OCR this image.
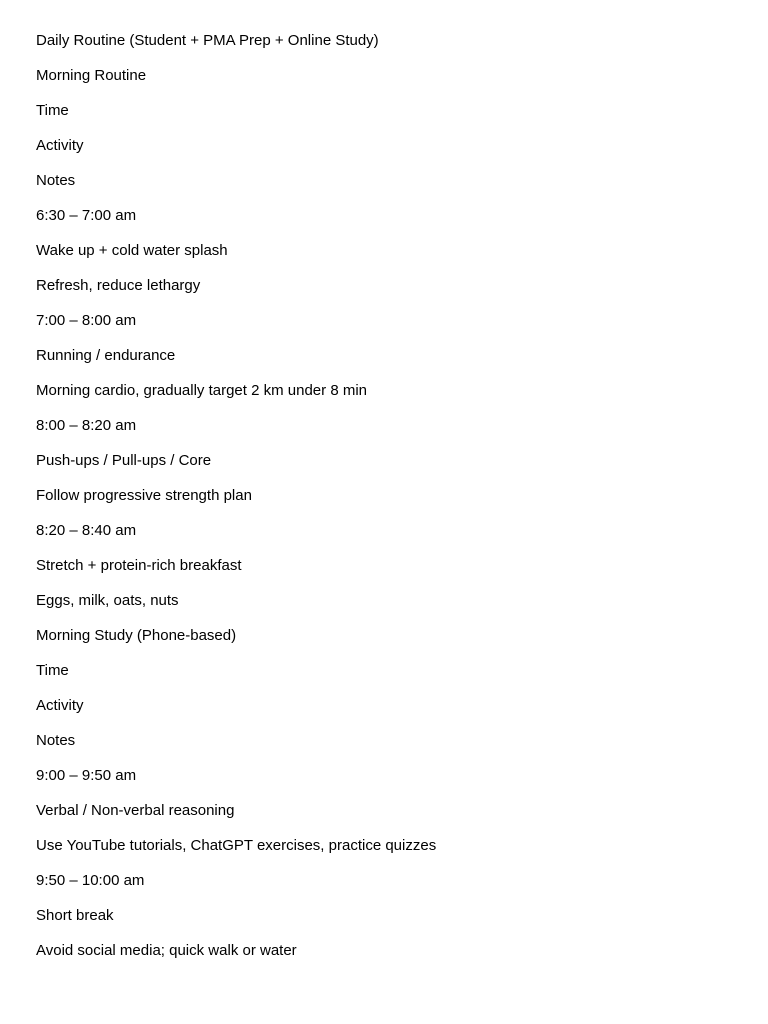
Daily Routine (Student + PMA Prep + Online Study)
Morning Routine
Time
Activity
Notes
6:30 – 7:00 am
Wake up + cold water splash
Refresh, reduce lethargy
7:00 – 8:00 am
Running / endurance
Morning cardio, gradually target 2 km under 8 min
8:00 – 8:20 am
Push-ups / Pull-ups / Core
Follow progressive strength plan
8:20 – 8:40 am
Stretch + protein-rich breakfast
Eggs, milk, oats, nuts
Morning Study (Phone-based)
Time
Activity
Notes
9:00 – 9:50 am
Verbal / Non-verbal reasoning
Use YouTube tutorials, ChatGPT exercises, practice quizzes
9:50 – 10:00 am
Short break
Avoid social media; quick walk or water
